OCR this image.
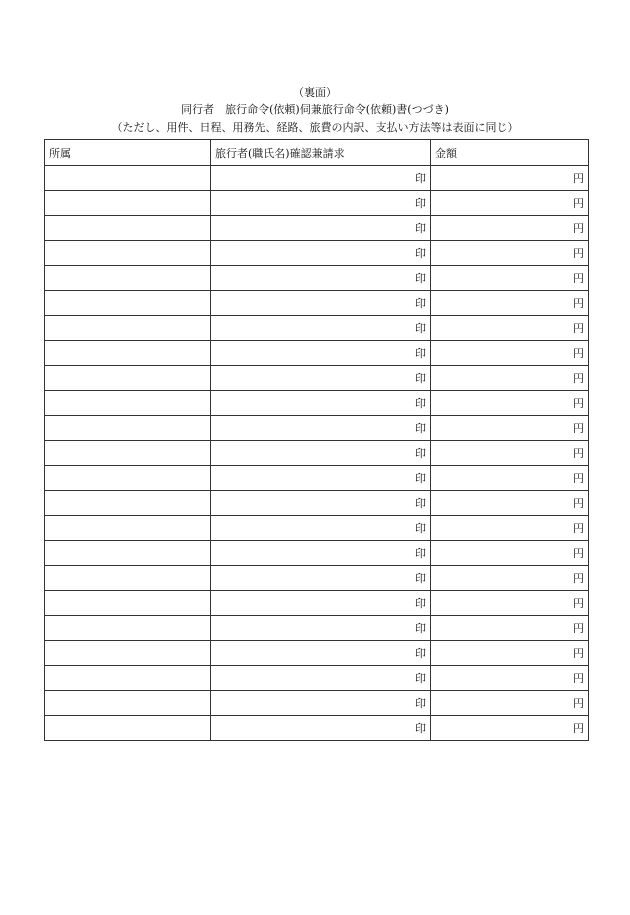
（裏面）
同行者　旅行命令(依頼)伺兼旅行命令(依頼)書(つづき)
（ただし、用件、日程、用務先、経路、旅費の内訳、支払い方法等は表面に同じ）
所属	旅行者(職氏名)確認兼請求	金額
	印	円
	印	円
	印	円
	印	円
	印	円
	印	円
	印	円
	印	円
	印	円
	印	円
	印	円
	印	円
	印	円
	印	円
	印	円
	印	円
	印	円
	印	円
	印	円
	印	円
	印	円
	印	円
	印	円
